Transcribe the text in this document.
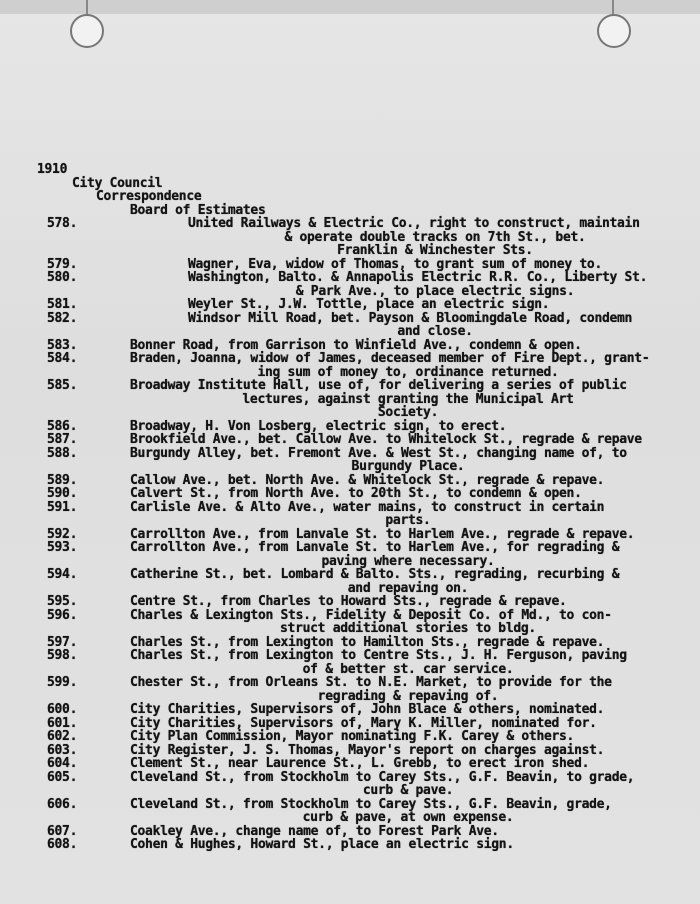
1910
City Council
Correspondence
Board of Estimates
578.	United Railways & Electric Co., right to construct, maintain
& operate double tracks on 7th St., bet.
Franklin & Winchester Sts.
579.	Wagner, Eva, widow of Thomas, to grant sum of money to.
580.	Washington, Balto. & Annapolis Electric R.R. Co., Liberty St.
& Park Ave., to place electric signs.
581.	Weyler St., J.W. Tottle, place an electric sign.
582.	Windsor Mill Road, bet. Payson & Bloomingdale Road, condemn
and close.
583.	Bonner Road, from Garrison to Winfield Ave., condemn & open.
584.	Braden, Joanna, widow of James, deceased member of Fire Dept., grant-
ing sum of money to, ordinance returned.
585.	Broadway Institute Hall, use of, for delivering a series of public
lectures, against granting the Municipal Art
Society.
586.	Broadway, H. Von Losberg, electric sign, to erect.
587.	Brookfield Ave., bet. Callow Ave. to Whitelock St., regrade & repave
588.	Burgundy Alley, bet. Fremont Ave. & West St., changing name of, to
Burgundy Place.
589.	Callow Ave., bet. North Ave. & Whitelock St., regrade & repave.
590.	Calvert St., from North Ave. to 20th St., to condemn & open.
591.	Carlisle Ave. & Alto Ave., water mains, to construct in certain
parts.
592.	Carrollton Ave., from Lanvale St. to Harlem Ave., regrade & repave.
593.	Carrollton Ave., from Lanvale St. to Harlem Ave., for regrading &
paving where necessary.
594.	Catherine St., bet. Lombard & Balto. Sts., regrading, recurbing &
and repaving on.
595.	Centre St., from Charles to Howard Sts., regrade & repave.
596.	Charles & Lexington Sts., Fidelity & Deposit Co. of Md., to con-
struct additional stories to bldg.
597.	Charles St., from Lexington to Hamilton Sts., regrade & repave.
598.	Charles St., from Lexington to Centre Sts., J. H. Ferguson, paving
of & better st. car service.
599.	Chester St., from Orleans St. to N.E. Market, to provide for the
regrading & repaving of.
600.	City Charities, Supervisors of, John Blace & others, nominated.
601.	City Charities, Supervisors of, Mary K. Miller, nominated for.
602.	City Plan Commission, Mayor nominating F.K. Carey & others.
603.	City Register, J. S. Thomas, Mayor's report on charges against.
604.	Clement St., near Laurence St., L. Grebb, to erect iron shed.
605.	Cleveland St., from Stockholm to Carey Sts., G.F. Beavin, to grade,
curb & pave.
606.	Cleveland St., from Stockholm to Carey Sts., G.F. Beavin, grade,
curb & pave, at own expense.
607.	Coakley Ave., change name of, to Forest Park Ave.
608.	Cohen & Hughes, Howard St., place an electric sign.
